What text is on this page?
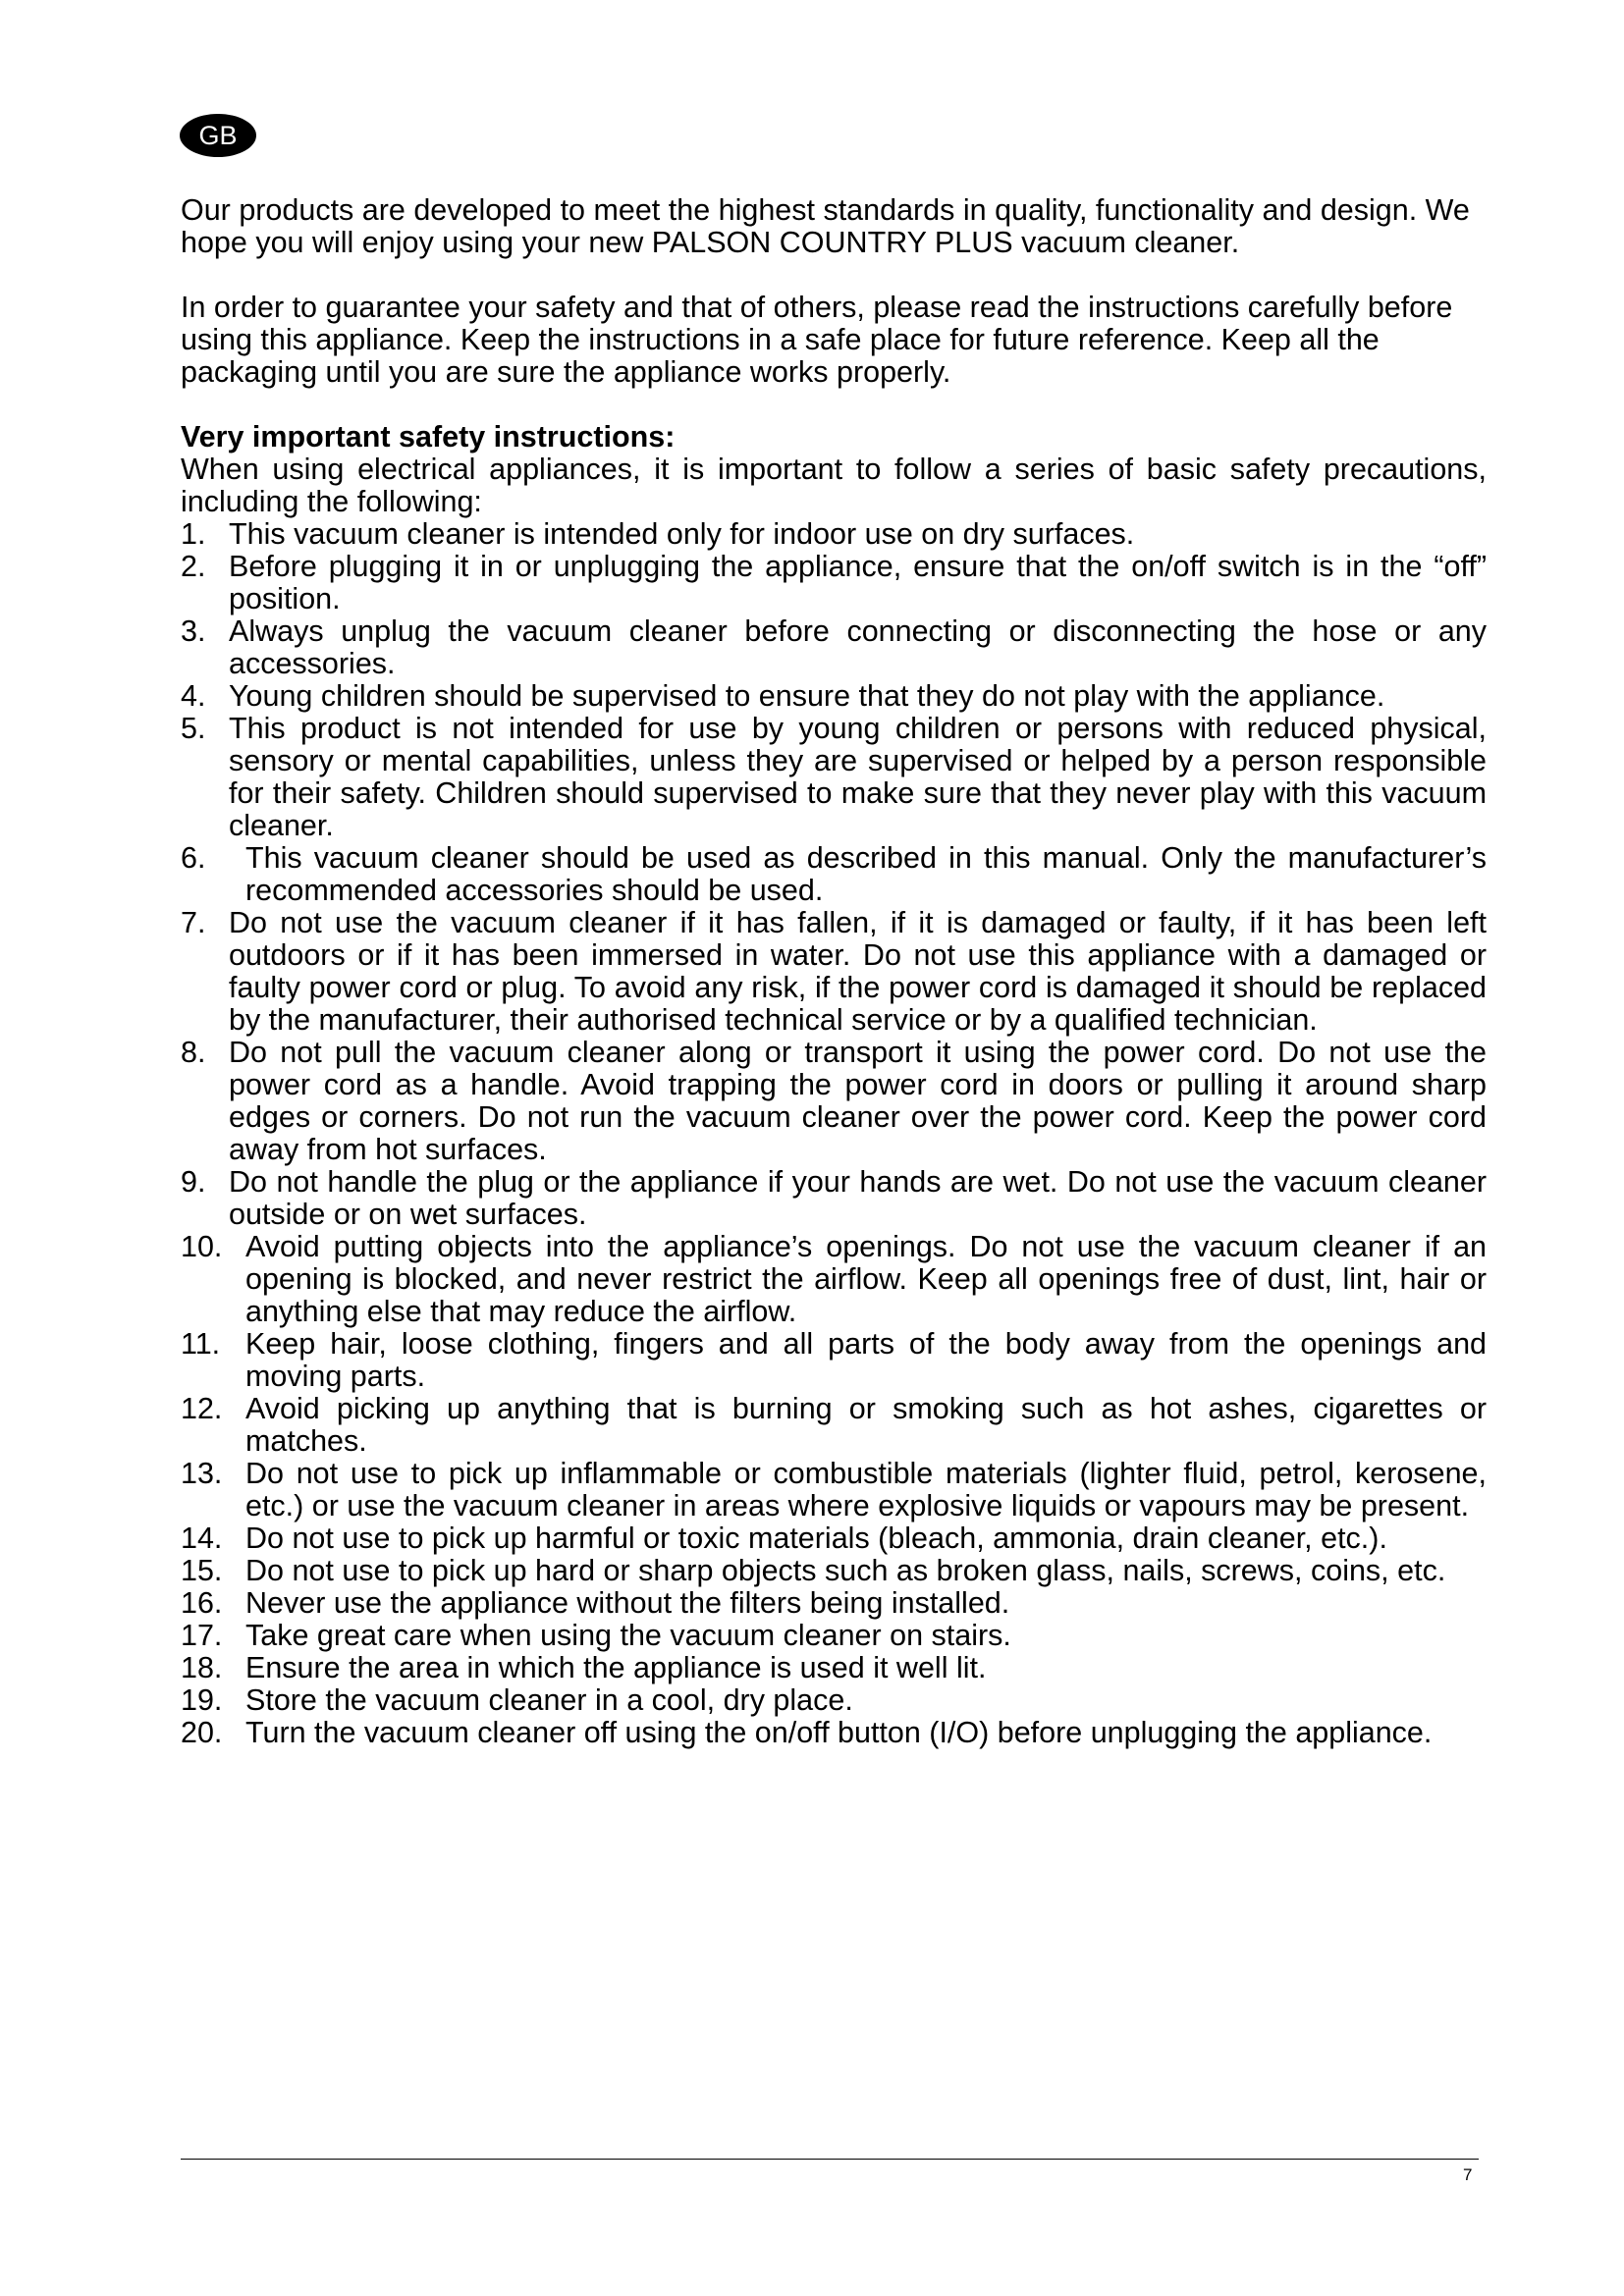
GB

Our products are developed to meet the highest standards in quality, functionality and design. We hope you will enjoy using your new PALSON COUNTRY PLUS vacuum cleaner.

In order to guarantee your safety and that of others, please read the instructions carefully before using this appliance. Keep the instructions in a safe place for future reference. Keep all the packaging until you are sure the appliance works properly.

Very important safety instructions:

When using electrical appliances, it is important to follow a series of basic safety precautions, including the following:

1. This vacuum cleaner is intended only for indoor use on dry surfaces.
2. Before plugging it in or unplugging the appliance, ensure that the on/off switch is in the “off” position.
3. Always unplug the vacuum cleaner before connecting or disconnecting the hose or any accessories.
4. Young children should be supervised to ensure that they do not play with the appliance.
5. This product is not intended for use by young children or persons with reduced physical, sensory or mental capabilities, unless they are supervised or helped by a person responsible for their safety. Children should supervised to make sure that they never play with this vacuum cleaner.
6. This vacuum cleaner should be used as described in this manual. Only the manufacturer’s recommended accessories should be used.
7. Do not use the vacuum cleaner if it has fallen, if it is damaged or faulty, if it has been left outdoors or if it has been immersed in water. Do not use this appliance with a damaged or faulty power cord or plug. To avoid any risk, if the power cord is damaged it should be replaced by the manufacturer, their authorised technical service or by a qualified technician.
8. Do not pull the vacuum cleaner along or transport it using the power cord. Do not use the power cord as a handle. Avoid trapping the power cord in doors or pulling it around sharp edges or corners. Do not run the vacuum cleaner over the power cord. Keep the power cord away from hot surfaces.
9. Do not handle the plug or the appliance if your hands are wet. Do not use the vacuum cleaner outside or on wet surfaces.
10. Avoid putting objects into the appliance’s openings. Do not use the vacuum cleaner if an opening is blocked, and never restrict the airflow. Keep all openings free of dust, lint, hair or anything else that may reduce the airflow.
11. Keep hair, loose clothing, fingers and all parts of the body away from the openings and moving parts.
12. Avoid picking up anything that is burning or smoking such as hot ashes, cigarettes or matches.
13. Do not use to pick up inflammable or combustible materials (lighter fluid, petrol, kerosene, etc.) or use the vacuum cleaner in areas where explosive liquids or vapours may be present.
14. Do not use to pick up harmful or toxic materials (bleach, ammonia, drain cleaner, etc.).
15. Do not use to pick up hard or sharp objects such as broken glass, nails, screws, coins, etc.
16. Never use the appliance without the filters being installed.
17. Take great care when using the vacuum cleaner on stairs.
18. Ensure the area in which the appliance is used it well lit.
19. Store the vacuum cleaner in a cool, dry place.
20. Turn the vacuum cleaner off using the on/off button (I/O) before unplugging the appliance.
7
